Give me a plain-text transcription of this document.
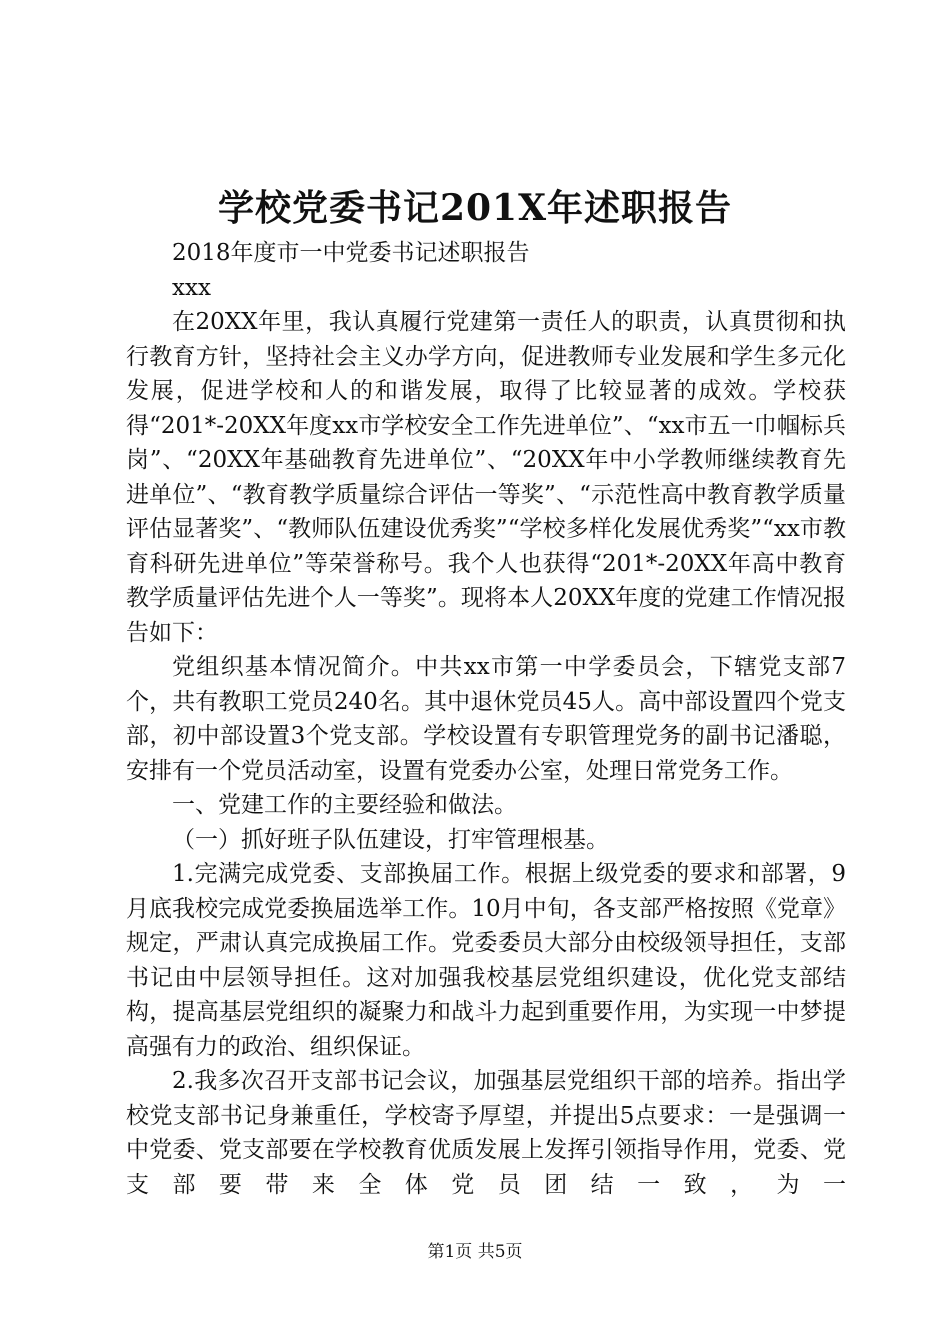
学校党委书记201X年述职报告

2018年度市一中党委书记述职报告

xxx

在20XX年里，我认真履行党建第一责任人的职责，认真贯彻和执行教育方针，坚持社会主义办学方向，促进教师专业发展和学生多元化发展，促进学校和人的和谐发展，取得了比较显著的成效。学校获得“201*-20XX年度xx市学校安全工作先进单位”、“xx市五一巾帼标兵岗”、“20XX年基础教育先进单位”、“20XX年中小学教师继续教育先进单位”、“教育教学质量综合评估一等奖”、“示范性高中教育教学质量评估显著奖”、“教师队伍建设优秀奖”“学校多样化发展优秀奖”“xx市教育科研先进单位”等荣誉称号。我个人也获得“201*-20XX年高中教育教学质量评估先进个人一等奖”。现将本人20XX年度的党建工作情况报告如下：

党组织基本情况简介。中共xx市第一中学委员会，下辖党支部7个，共有教职工党员240名。其中退休党员45人。高中部设置四个党支部，初中部设置3个党支部。学校设置有专职管理党务的副书记潘聪，安排有一个党员活动室，设置有党委办公室，处理日常党务工作。

一、党建工作的主要经验和做法。

（一）抓好班子队伍建设，打牢管理根基。

1.完满完成党委、支部换届工作。根据上级党委的要求和部署，9月底我校完成党委换届选举工作。10月中旬，各支部严格按照《党章》规定，严肃认真完成换届工作。党委委员大部分由校级领导担任，支部书记由中层领导担任。这对加强我校基层党组织建设，优化党支部结构，提高基层党组织的凝聚力和战斗力起到重要作用，为实现一中梦提高强有力的政治、组织保证。

2.我多次召开支部书记会议，加强基层党组织干部的培养。指出学校党支部书记身兼重任，学校寄予厚望，并提出5点要求：一是强调一中党委、党支部要在学校教育优质发展上发挥引领指导作用，党委、党支部要带来全体党员团结一致，为一

第1页 共5页
